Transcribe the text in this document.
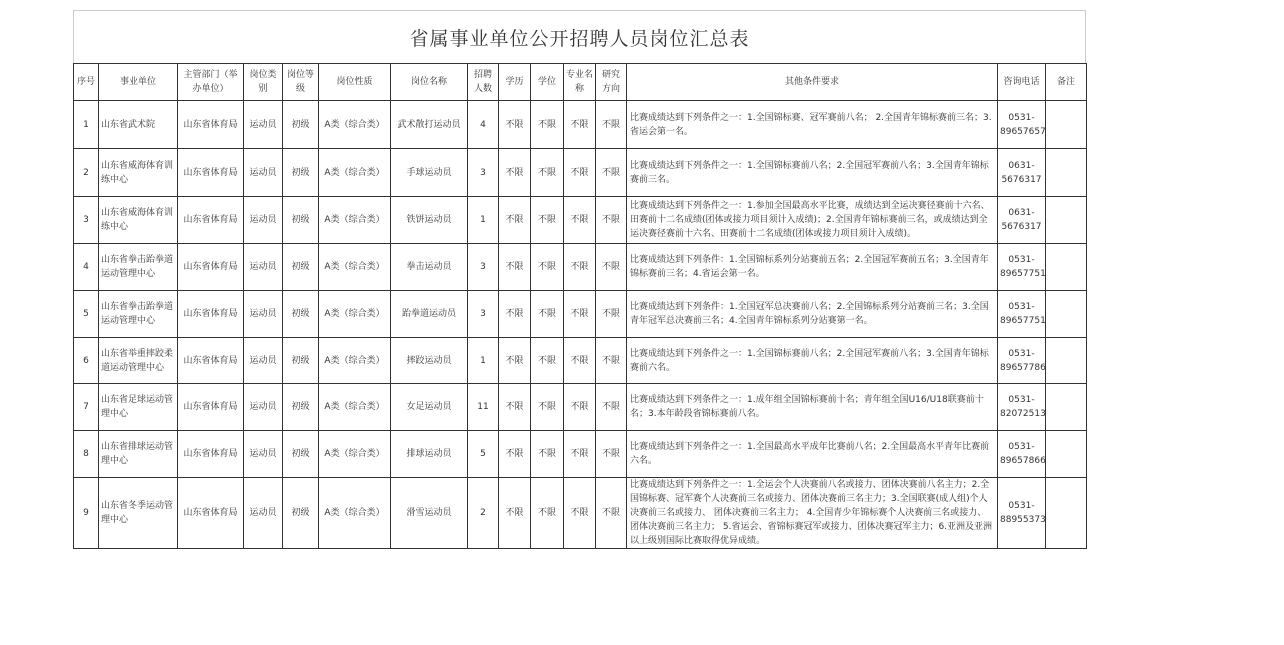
省属事业单位公开招聘人员岗位汇总表
序号	事业单位	主管部门（举办单位）	岗位类别	岗位等级	岗位性质	岗位名称	招聘人数	学历	学位	专业名称	研究方向	其他条件要求	咨询电话	备注
1	山东省武术院	山东省体育局	运动员	初级	A类（综合类）	武术散打运动员	4	不限	不限	不限	不限	比赛成绩达到下列条件之一：1.全国锦标赛、冠军赛前八名； 2.全国青年锦标赛前三名；3.省运会第一名。	0531-89657657	
2	山东省威海体育训练中心	山东省体育局	运动员	初级	A类（综合类）	手球运动员	3	不限	不限	不限	不限	比赛成绩达到下列条件之一：1.全国锦标赛前八名；2.全国冠军赛前八名；3.全国青年锦标赛前三名。	0631-5676317	
3	山东省威海体育训练中心	山东省体育局	运动员	初级	A类（综合类）	铁饼运动员	1	不限	不限	不限	不限	比赛成绩达到下列条件之一：1.参加全国最高水平比赛，成绩达到全运决赛径赛前十六名、田赛前十二名成绩(团体或接力项目须计入成绩)；2.全国青年锦标赛前三名，或成绩达到全运决赛径赛前十六名、田赛前十二名成绩(团体或接力项目须计入成绩)。	0631-5676317	
4	山东省拳击跆拳道运动管理中心	山东省体育局	运动员	初级	A类（综合类）	拳击运动员	3	不限	不限	不限	不限	比赛成绩达到下列条件：1.全国锦标系列分站赛前五名；2.全国冠军赛前五名；3.全国青年锦标赛前三名；4.省运会第一名。	0531-89657751	
5	山东省拳击跆拳道运动管理中心	山东省体育局	运动员	初级	A类（综合类）	跆拳道运动员	3	不限	不限	不限	不限	比赛成绩达到下列条件：1.全国冠军总决赛前八名；2.全国锦标系列分站赛前三名；3.全国青年冠军总决赛前三名；4.全国青年锦标系列分站赛第一名。	0531-89657751	
6	山东省举重摔跤柔道运动管理中心	山东省体育局	运动员	初级	A类（综合类）	摔跤运动员	1	不限	不限	不限	不限	比赛成绩达到下列条件之一：1.全国锦标赛前八名；2.全国冠军赛前八名；3.全国青年锦标赛前六名。	0531-89657786	
7	山东省足球运动管理中心	山东省体育局	运动员	初级	A类（综合类）	女足运动员	11	不限	不限	不限	不限	比赛成绩达到下列条件之一：1.成年组全国锦标赛前十名；青年组全国U16/U18联赛前十名；3.本年龄段省锦标赛前八名。	0531-82072513	
8	山东省排球运动管理中心	山东省体育局	运动员	初级	A类（综合类）	排球运动员	5	不限	不限	不限	不限	比赛成绩达到下列条件之一：1.全国最高水平成年比赛前八名；2.全国最高水平青年比赛前六名。	0531-89657866	
9	山东省冬季运动管理中心	山东省体育局	运动员	初级	A类（综合类）	滑雪运动员	2	不限	不限	不限	不限	比赛成绩达到下列条件之一：1.全运会个人决赛前八名或接力、团体决赛前八名主力；2.全国锦标赛、冠军赛个人决赛前三名或接力、团体决赛前三名主力；3.全国联赛(成人组)个人决赛前三名或接力、 团体决赛前三名主力； 4.全国青少年锦标赛个人决赛前三名或接力、团体决赛前三名主力； 5.省运会、省锦标赛冠军或接力、团体决赛冠军主力；6.亚洲及亚洲以上级别国际比赛取得优异成绩。	0531-88955373	
